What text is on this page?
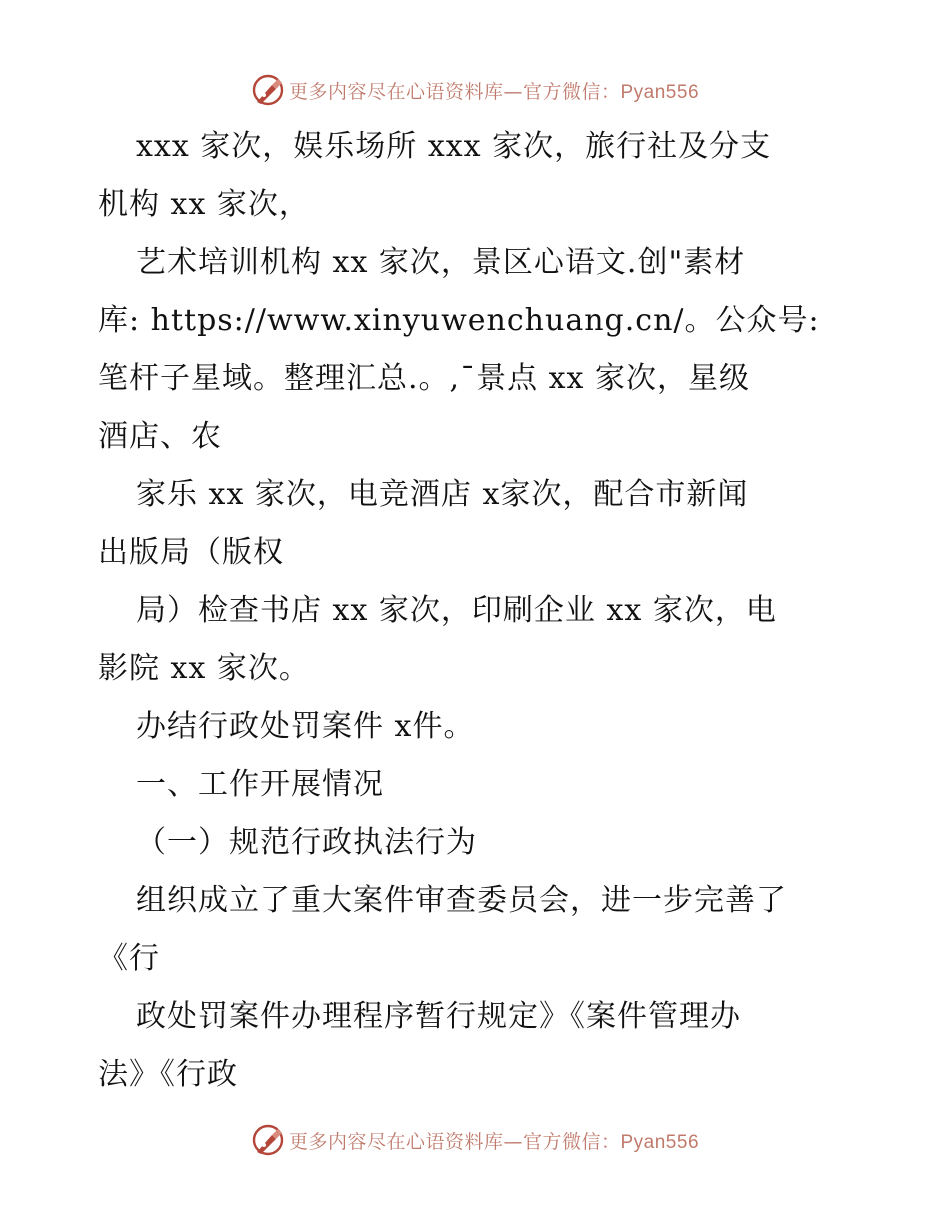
更多内容尽在心语资料库—官方微信：Pyan556
xxx 家次，娱乐场所 xxx 家次，旅行社及分支
机构 xx 家次，
艺术培训机构 xx 家次，景区心语文.创"素材
库: https://www.xinyuwenchuang.cn/。公众号:
笔杆子星域。整理汇总.。,¯景点 xx 家次，星级
酒店、农
家乐 xx 家次，电竞酒店 x家次，配合市新闻
出版局（版权
局）检查书店 xx 家次，印刷企业 xx 家次，电
影院 xx 家次。
办结行政处罚案件 x件。
一、工作开展情况
（一）规范行政执法行为
组织成立了重大案件审查委员会，进一步完善了
《行
政处罚案件办理程序暂行规定》《案件管理办
法》《行政
更多内容尽在心语资料库—官方微信：Pyan556
